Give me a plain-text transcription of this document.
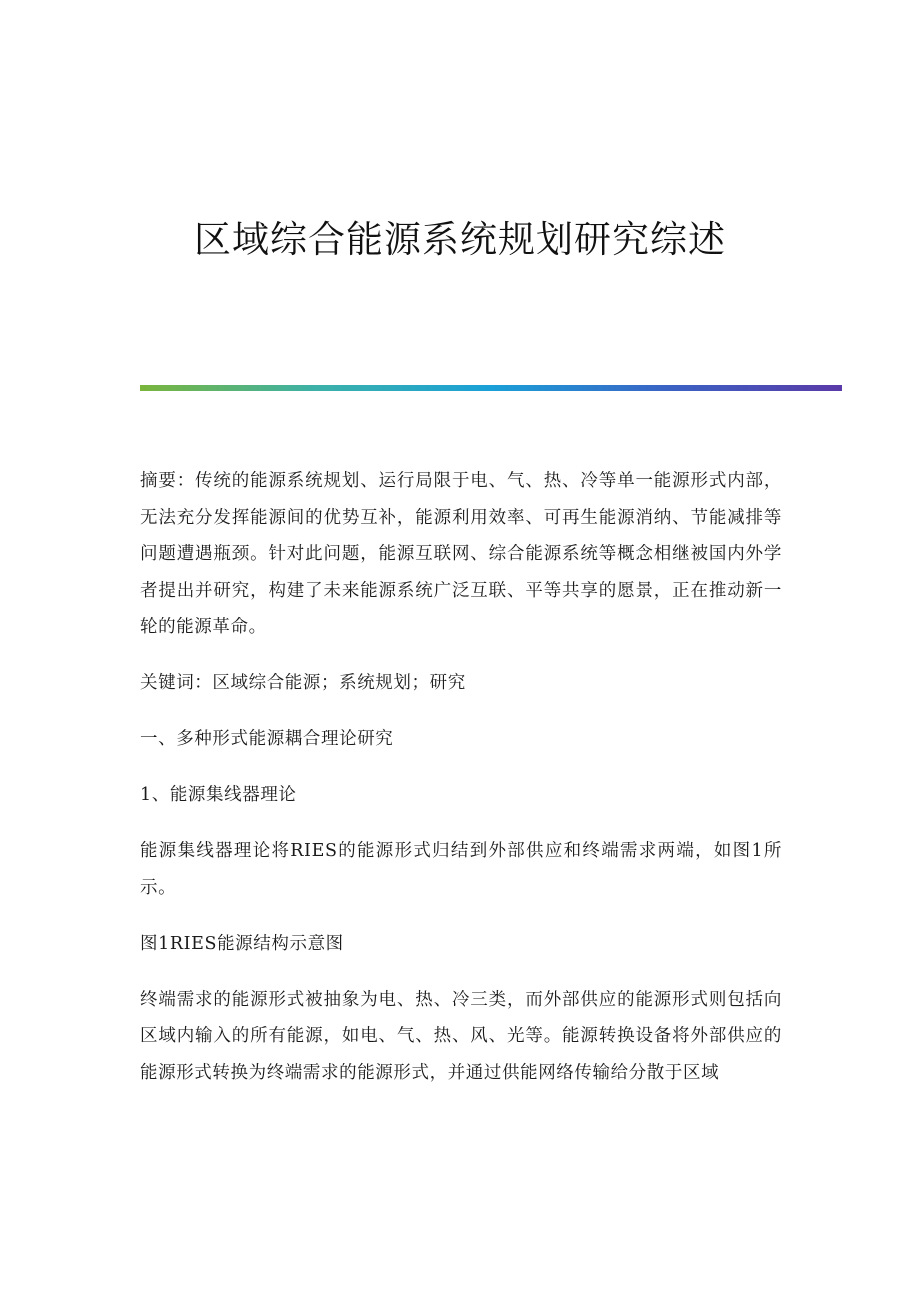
区域综合能源系统规划研究综述

摘要：传统的能源系统规划、运行局限于电、气、热、冷等单一能源形式内部，无法充分发挥能源间的优势互补，能源利用效率、可再生能源消纳、节能减排等问题遭遇瓶颈。针对此问题，能源互联网、综合能源系统等概念相继被国内外学者提出并研究，构建了未来能源系统广泛互联、平等共享的愿景，正在推动新一轮的能源革命。

关键词：区域综合能源；系统规划；研究

一、多种形式能源耦合理论研究

1、能源集线器理论

能源集线器理论将RIES的能源形式归结到外部供应和终端需求两端，如图1所示。

图1RIES能源结构示意图

终端需求的能源形式被抽象为电、热、冷三类，而外部供应的能源形式则包括向区域内输入的所有能源，如电、气、热、风、光等。能源转换设备将外部供应的能源形式转换为终端需求的能源形式，并通过供能网络传输给分散于区域
